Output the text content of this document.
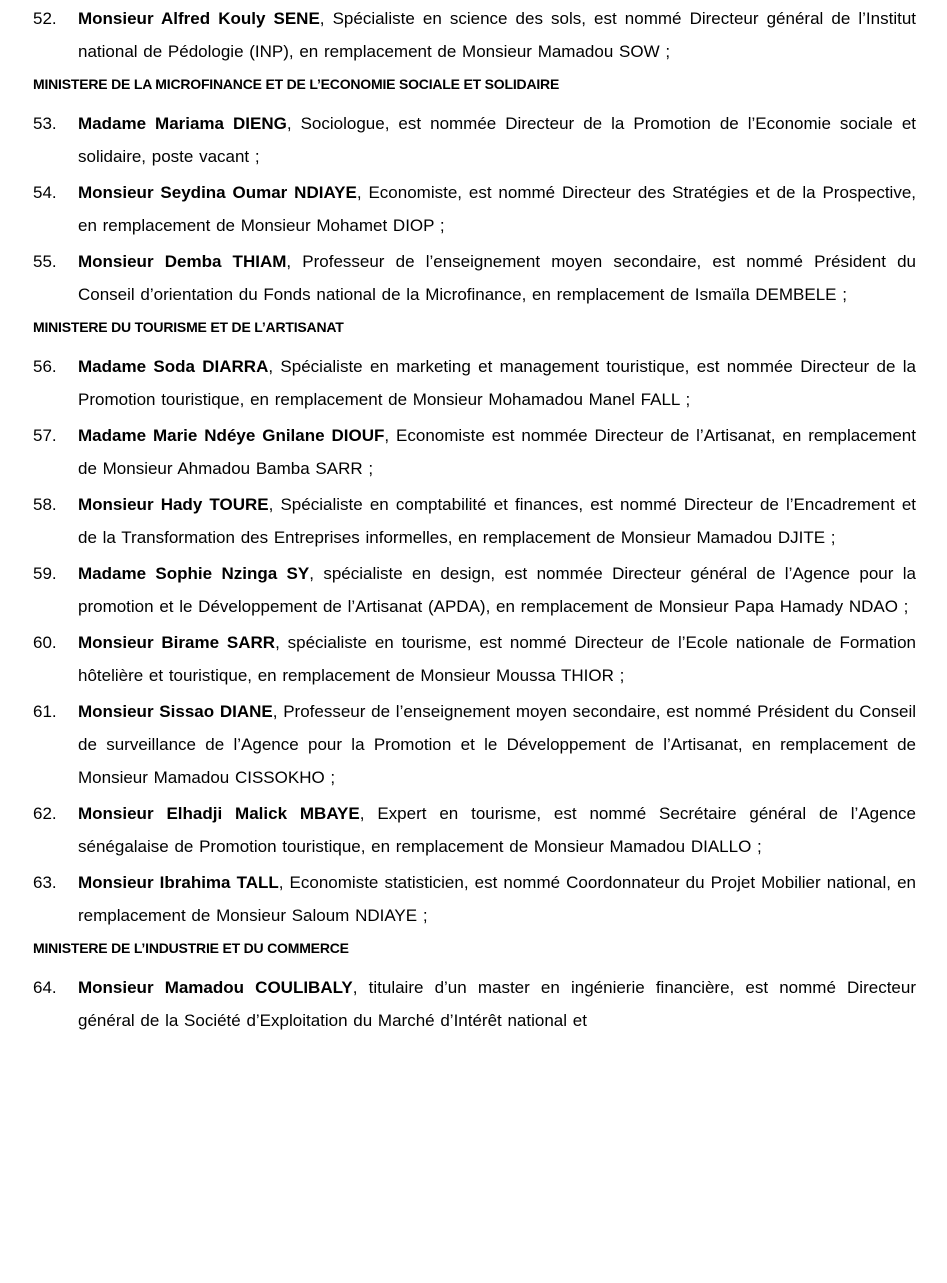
52.	Monsieur Alfred Kouly SENE, Spécialiste en science des sols, est nommé Directeur général de l’Institut national de Pédologie (INP), en remplacement de Monsieur Mamadou SOW ;

MINISTERE DE LA MICROFINANCE ET DE L’ECONOMIE SOCIALE ET SOLIDAIRE
53.	Madame Mariama DIENG, Sociologue, est nommée Directeur de la Promotion de l’Economie sociale et solidaire, poste vacant ;

54.	Monsieur Seydina Oumar NDIAYE, Economiste, est nommé Directeur des Stratégies et de la Prospective, en remplacement de Monsieur Mohamet DIOP ;

55.	Monsieur Demba THIAM, Professeur de l’enseignement moyen secondaire, est nommé Président du Conseil d’orientation du Fonds national de la Microfinance, en remplacement de Ismaïla DEMBELE ;

MINISTERE DU TOURISME ET DE L’ARTISANAT
56.	Madame Soda DIARRA, Spécialiste en marketing et management touristique, est nommée Directeur de la Promotion touristique, en remplacement de Monsieur Mohamadou Manel FALL ;

57.	Madame Marie Ndéye Gnilane DIOUF, Economiste est nommée Directeur de l’Artisanat, en remplacement de Monsieur Ahmadou Bamba SARR ;

58.	Monsieur Hady TOURE, Spécialiste en comptabilité et finances, est nommé Directeur de l’Encadrement et de la Transformation des Entreprises informelles, en remplacement de Monsieur Mamadou DJITE ;

59.	Madame Sophie Nzinga SY, spécialiste en design, est nommée Directeur général de l’Agence pour la promotion et le Développement de l’Artisanat (APDA), en remplacement de Monsieur Papa Hamady NDAO ;

60.	Monsieur Birame SARR, spécialiste en tourisme, est nommé Directeur de l’Ecole nationale de Formation hôtelière et touristique, en remplacement de Monsieur Moussa THIOR ;

61.	Monsieur Sissao DIANE, Professeur de l’enseignement moyen secondaire, est nommé Président du Conseil de surveillance de l’Agence pour la Promotion et le Développement de l’Artisanat, en remplacement de Monsieur Mamadou CISSOKHO ;

62.	Monsieur Elhadji Malick MBAYE, Expert en tourisme, est nommé Secrétaire général de l’Agence sénégalaise de Promotion touristique, en remplacement de Monsieur Mamadou DIALLO ;

63.	Monsieur Ibrahima TALL, Economiste statisticien, est nommé Coordonnateur du Projet Mobilier national, en remplacement de Monsieur Saloum NDIAYE ;

MINISTERE DE L’INDUSTRIE ET DU COMMERCE
64.	Monsieur Mamadou COULIBALY, titulaire d’un master en ingénierie financière, est nommé Directeur général de la Société d’Exploitation du Marché d’Intérêt national et
